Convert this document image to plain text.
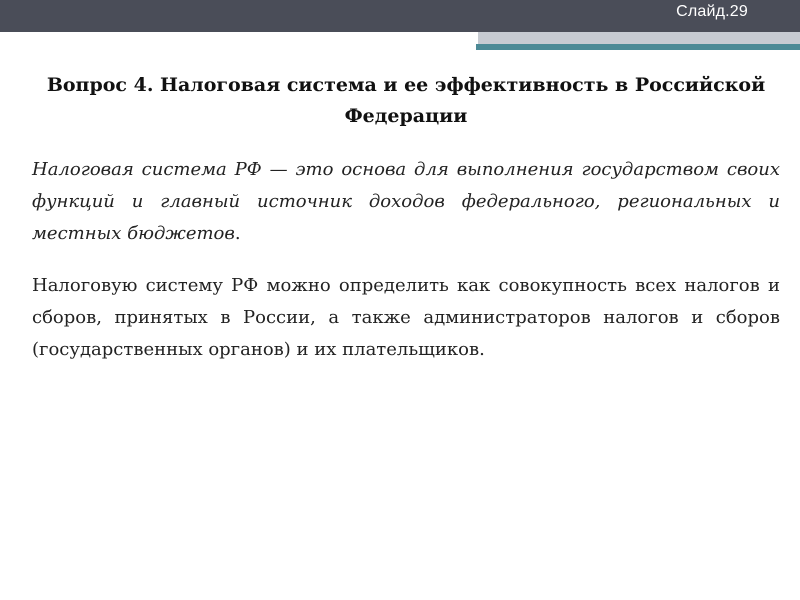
Слайд.29
Вопрос 4. Налоговая система и ее эффективность в Российской Федерации

Налоговая система РФ — это основа для выполнения государством своих функций и главный источник доходов федерального, региональных и местных бюджетов.

Налоговую систему РФ можно определить как совокупность всех налогов и сборов, принятых в России, а также администраторов налогов и сборов (государственных органов) и их плательщиков.
